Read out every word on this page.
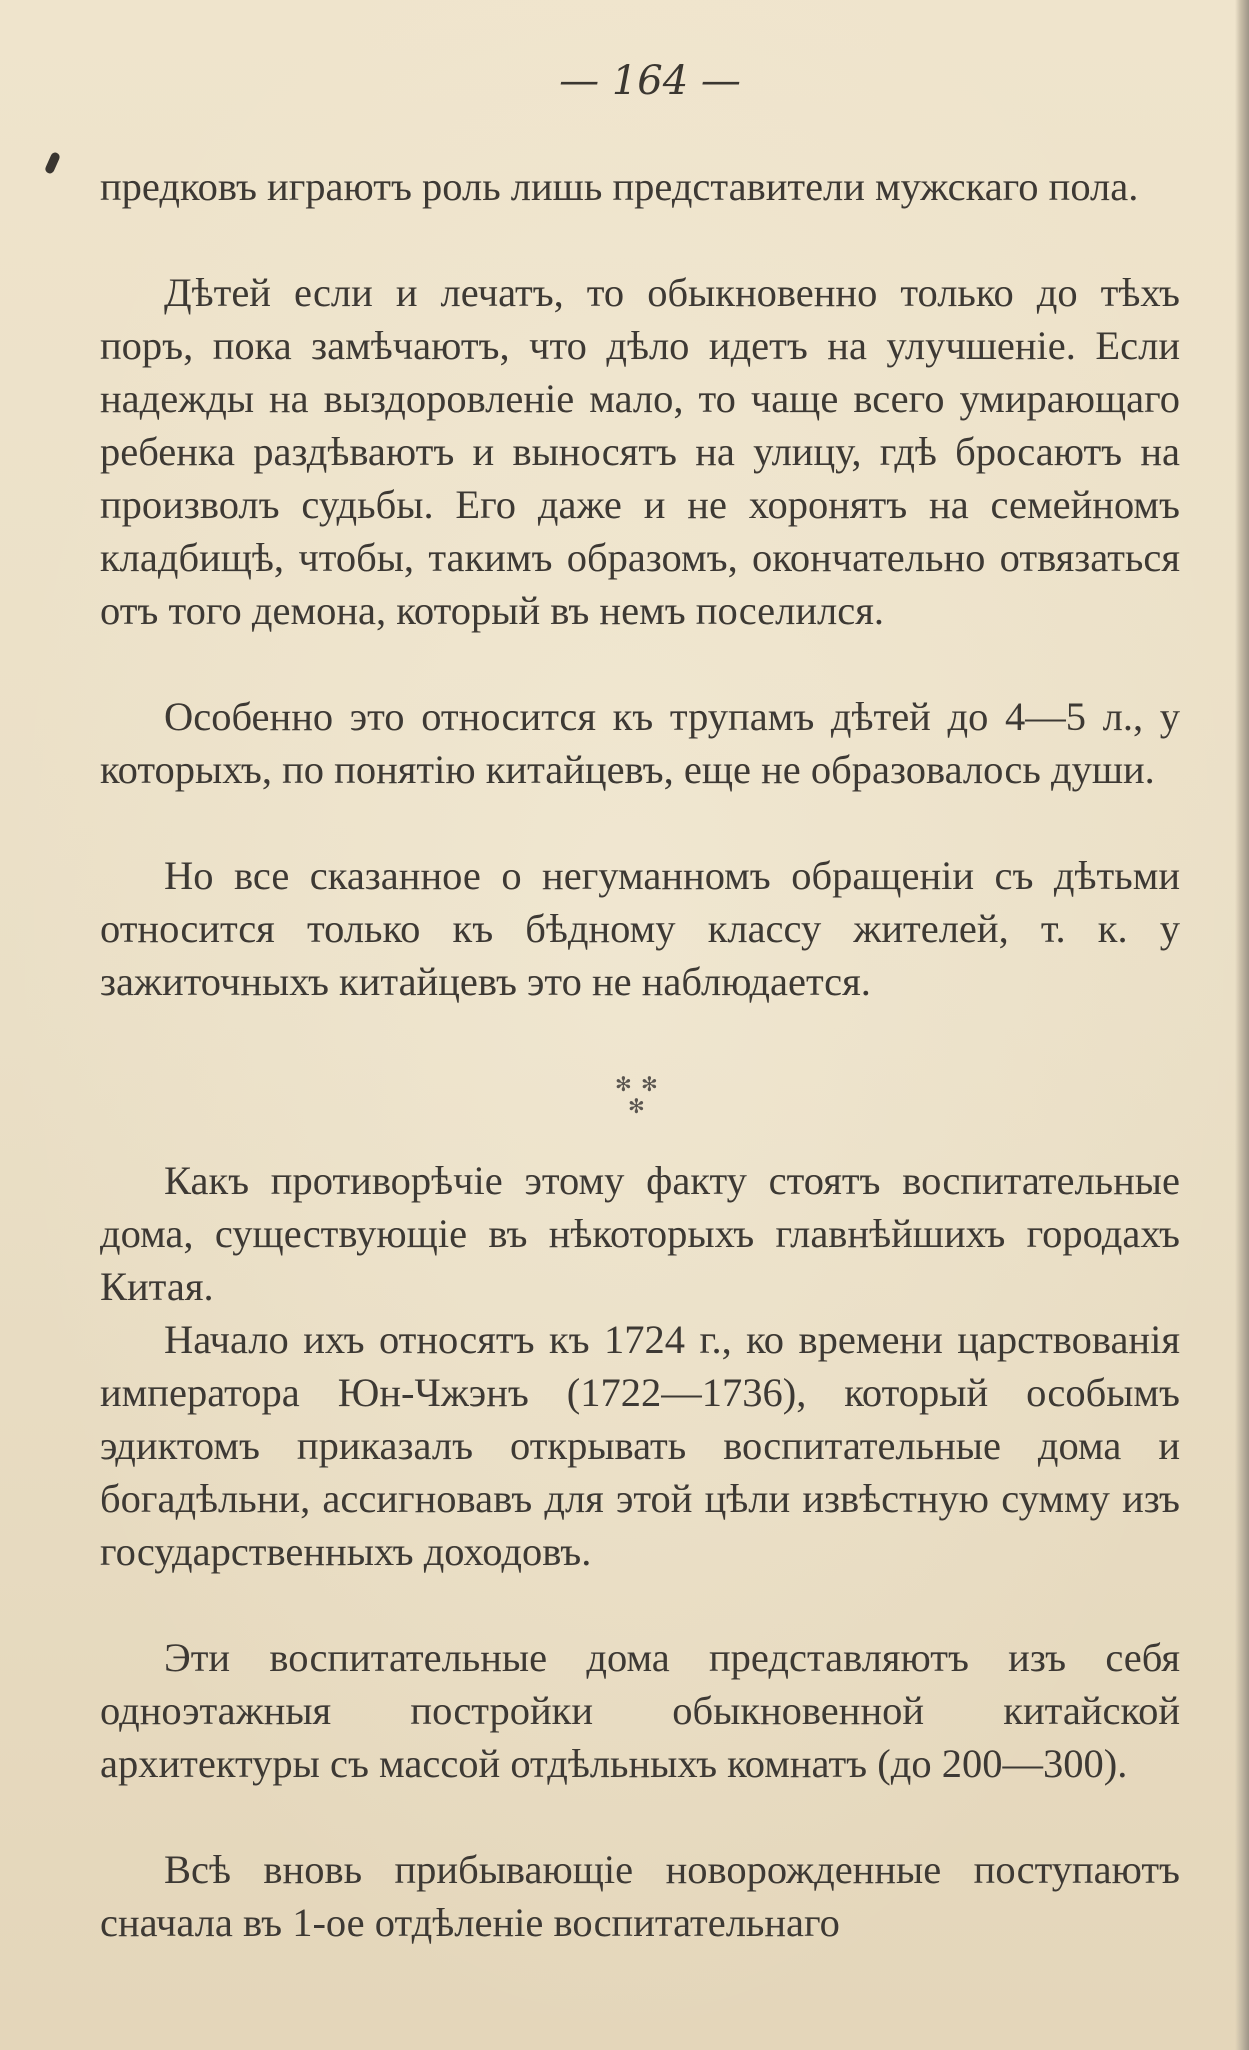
— 164 —

предковъ играютъ роль лишь представители мужскаго пола.

Дѣтей если и лечатъ, то обыкновенно только до тѣхъ поръ, пока замѣчаютъ, что дѣло идетъ на улучшеніе. Если надежды на выздоровленіе мало, то чаще всего умирающаго ребенка раздѣваютъ и выносятъ на улицу, гдѣ бросаютъ на произволъ судьбы. Его даже и не хоронятъ на семейномъ кладбищѣ, чтобы, такимъ образомъ, окончательно отвязаться отъ того демона, который въ немъ поселился.

Особенно это относится къ трупамъ дѣтей до 4—5 л., у которыхъ, по понятію китайцевъ, еще не образовалось души.

Но все сказанное о негуманномъ обращеніи съ дѣтьми относится только къ бѣдному классу жителей, т. к. у зажиточныхъ китайцевъ это не наблюдается.

✻ ✻
✻

Какъ противорѣчіе этому факту стоятъ воспитательные дома, существующіе въ нѣкоторыхъ главнѣйшихъ городахъ Китая.

Начало ихъ относятъ къ 1724 г., ко времени царствованія императора Юн-Чжэнъ (1722—1736), который особымъ эдиктомъ приказалъ открывать воспитательные дома и богадѣльни, ассигновавъ для этой цѣли извѣстную сумму изъ государственныхъ доходовъ.

Эти воспитательные дома представляютъ изъ себя одноэтажныя постройки обыкновенной китайской архитектуры съ массой отдѣльныхъ комнатъ (до 200—300).

Всѣ вновь прибывающіе новорожденные поступаютъ сначала въ 1-ое отдѣленіе воспитательнаго
